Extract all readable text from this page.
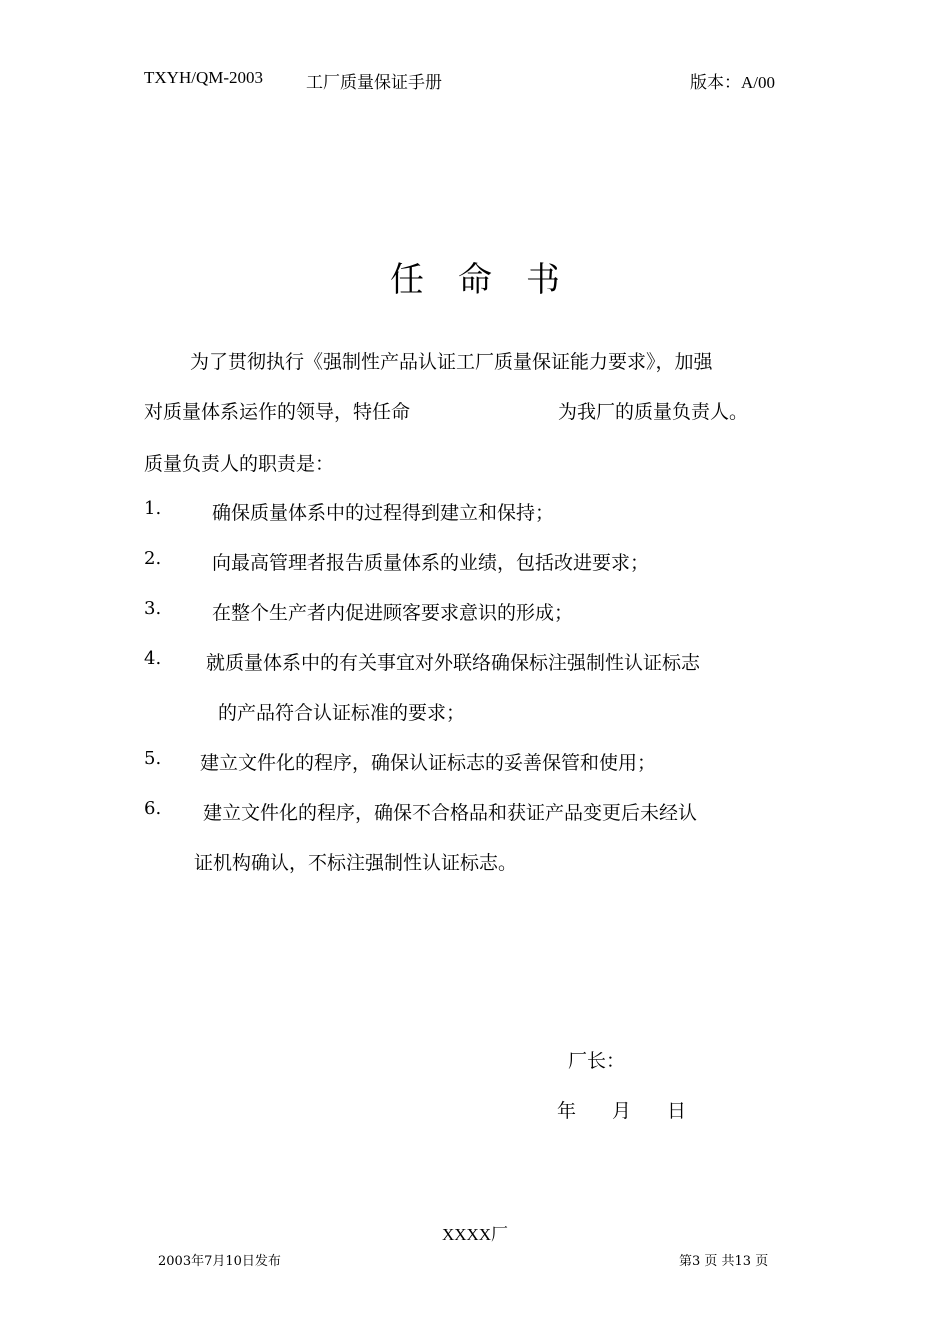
TXYH/QM-2003	工厂质量保证手册	版本：A/00
任命书
为了贯彻执行《强制性产品认证工厂质量保证能力要求》，加强
对质量体系运作的领导，特任命	为我厂的质量负责人。
质量负责人的职责是：
1.	确保质量体系中的过程得到建立和保持；
2.	向最高管理者报告质量体系的业绩，包括改进要求；
3.	在整个生产者内促进顾客要求意识的形成；
4. 就质量体系中的有关事宜对外联络确保标注强制性认证标志
的产品符合认证标准的要求；
5. 建立文件化的程序，确保认证标志的妥善保管和使用；
6. 建立文件化的程序，确保不合格品和获证产品变更后未经认
证机构确认，不标注强制性认证标志。
厂长：
年 月 日
XXXX厂
2003年7月10日发布	第3 页 共13 页
